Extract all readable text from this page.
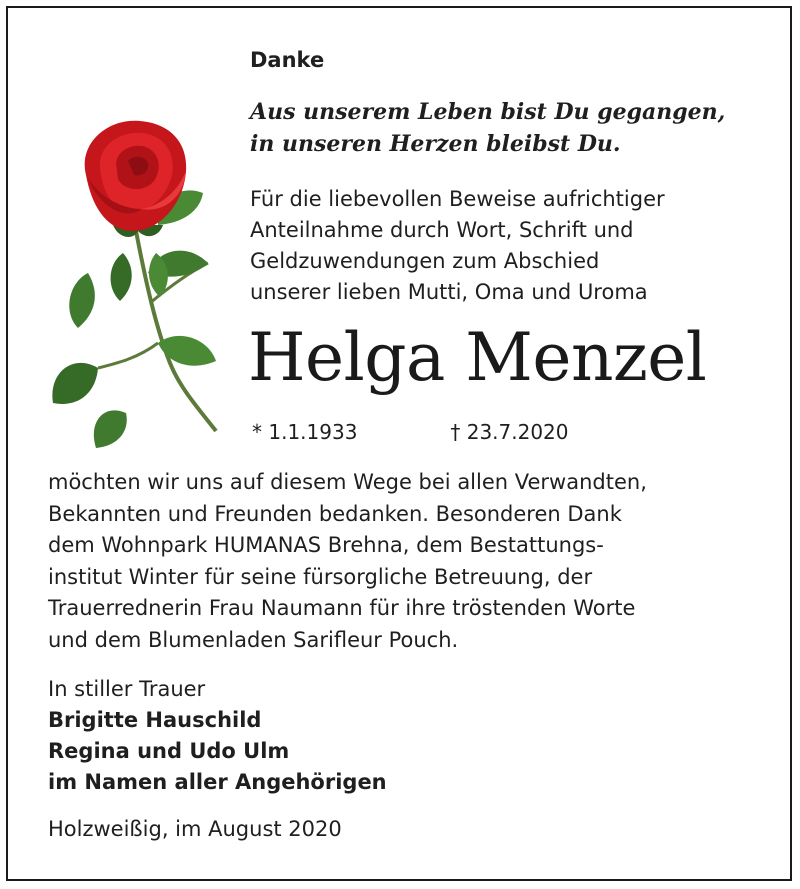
Danke
Aus unserem Leben bist Du gegangen,
in unseren Herzen bleibst Du.
Für die liebevollen Beweise aufrichtiger
Anteilnahme durch Wort, Schrift und
Geldzuwendungen zum Abschied
unserer lieben Mutti, Oma und Uroma
Helga Menzel
* 1.1.1933	† 23.7.2020
möchten wir uns auf diesem Wege bei allen Verwandten,
Bekannten und Freunden bedanken. Besonderen Dank
dem Wohnpark HUMANAS Brehna, dem Bestattungs-
institut Winter für seine fürsorgliche Betreuung, der
Trauerrednerin Frau Naumann für ihre tröstenden Worte
und dem Blumenladen Sarifleur Pouch.
In stiller Trauer
Brigitte Hauschild
Regina und Udo Ulm
im Namen aller Angehörigen
Holzweißig, im August 2020
